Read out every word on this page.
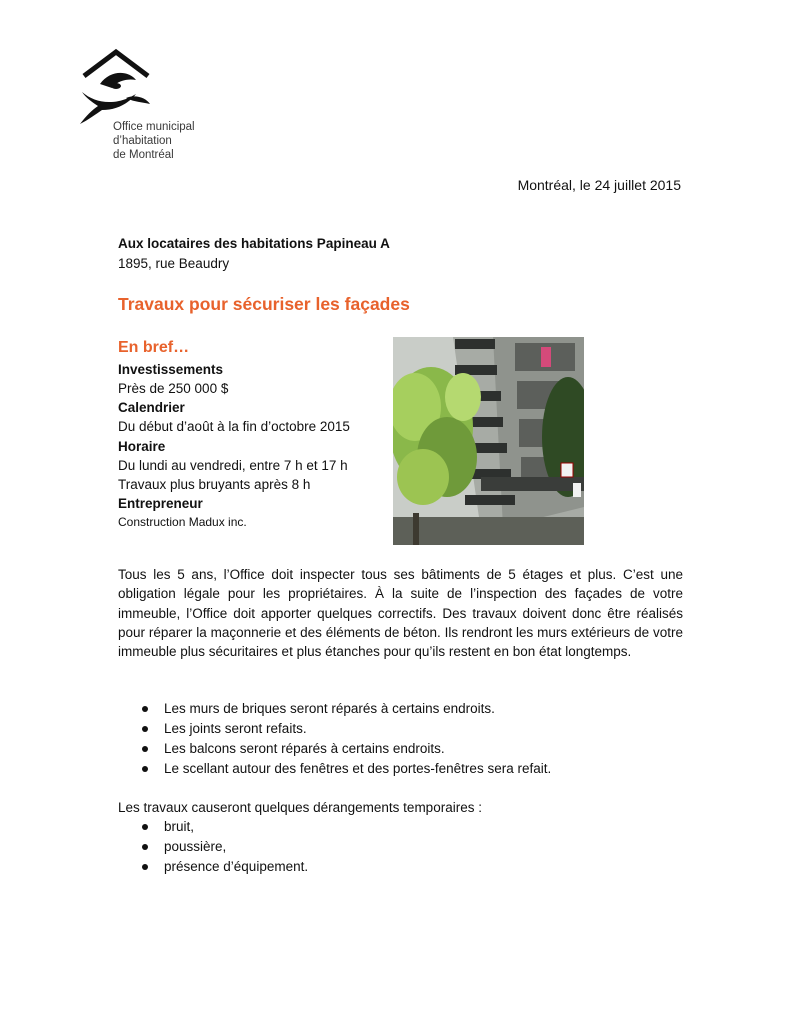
Office municipal
d’habitation
de Montréal
Montréal, le 24 juillet 2015
Aux locataires des habitations Papineau A
1895, rue Beaudry
Travaux pour sécuriser les façades
En bref…
Investissements
Près de 250 000 $
Calendrier
Du début d’août à la fin d’octobre 2015
Horaire
Du lundi au vendredi, entre 7 h et 17 h
Travaux plus bruyants après 8 h
Entrepreneur
Construction Madux inc.
Tous les 5 ans, l’Office doit inspecter tous ses bâtiments de 5 étages et plus. C’est une obligation légale pour les propriétaires. À la suite de l’inspection des façades de votre immeuble, l’Office doit apporter quelques correctifs. Des travaux doivent donc être réalisés pour réparer la maçonnerie et des éléments de béton. Ils rendront les murs extérieurs de votre immeuble plus sécuritaires et plus étanches pour qu’ils restent en bon état longtemps.
Les murs de briques seront réparés à certains endroits.
Les joints seront refaits.
Les balcons seront réparés à certains endroits.
Le scellant autour des fenêtres et des portes-fenêtres sera refait.
Les travaux causeront quelques dérangements temporaires :
bruit,
poussière,
présence d’équipement.
